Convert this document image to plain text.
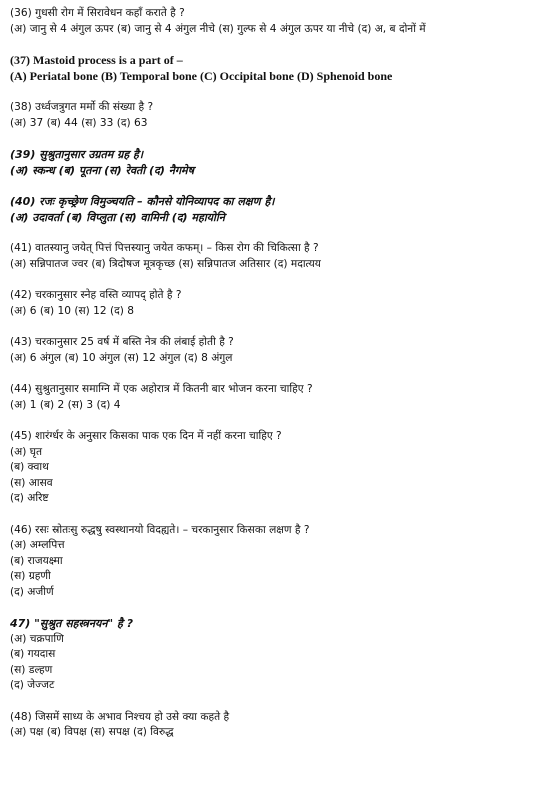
(36) गुधसी रोग में सिरावेधन कहाँ कराते है ?
(अ) जानु से 4 अंगुल ऊपर (ब) जानु से 4 अंगुल नीचे (स) गुल्फ से 4 अंगुल ऊपर या नीचे (द) अ, ब दोनों में
(37) Mastoid process is a part of –
(A) Periatal bone (B) Temporal bone (C) Occipital bone (D) Sphenoid bone
(38) उर्ध्वजत्रुगत मर्मो की संख्या है ?
(अ) 37 (ब) 44 (स) 33 (द) 63
(39) सुश्रुतानुसार उग्रतम ग्रह है।
(अ) स्कन्ध (ब) पूतना (स) रेवती (द) नैगमेष
(40) रजः कृच्छ्रेण विमुञ्चयति – कौनसे योनिव्यापद का लक्षण है।
(अ) उदावर्ता (ब) विप्लुता (स) वामिनी (द) महायोनि
(41) वातस्यानु जयेत् पित्तं पित्तस्यानु जयेत कफम्। – किस रोग की चिकित्सा है ?
(अ) सन्निपातज ज्वर (ब) त्रिदोषज मूत्रकृच्छ (स) सन्निपातज अतिसार (द) मदात्यय
(42) चरकानुसार स्नेह वस्ति व्यापद् होते है ?
(अ) 6 (ब) 10 (स) 12 (द) 8
(43) चरकानुसार 25 वर्ष में बस्ति नेत्र की लंबाई होती है ?
(अ) 6 अंगुल (ब) 10 अंगुल (स) 12 अंगुल (द) 8 अंगुल
(44) सुश्रुतानुसार समाग्नि में एक अहोरात्र में कितनी बार भोजन करना चाहिए ?
(अ) 1 (ब) 2 (स) 3 (द) 4
(45) शारंर्ग्धर के अनुसार किसका पाक एक दिन में नहीं करना चाहिए ?
(अ) घृत
(ब) क्वाथ
(स) आसव
(द) अरिष्ट
(46) रसः स्रोतःसु रुद्धषु स्वस्थानयो विदह्यते। – चरकानुसार किसका लक्षण है ?
(अ) अम्लपित्त
(ब) राजयक्ष्मा
(स) ग्रहणी
(द) अजीर्ण
47) "सुश्रुत सहस्त्रनयन" है ?
(अ) चक्रपाणि
(ब) गयदास
(स) डल्हण
(द) जेज्जट
(48) जिसमें साध्य के अभाव निश्चय हो उसे क्या कहते है
(अ) पक्ष (ब) विपक्ष (स) सपक्ष (द) विरुद्ध
